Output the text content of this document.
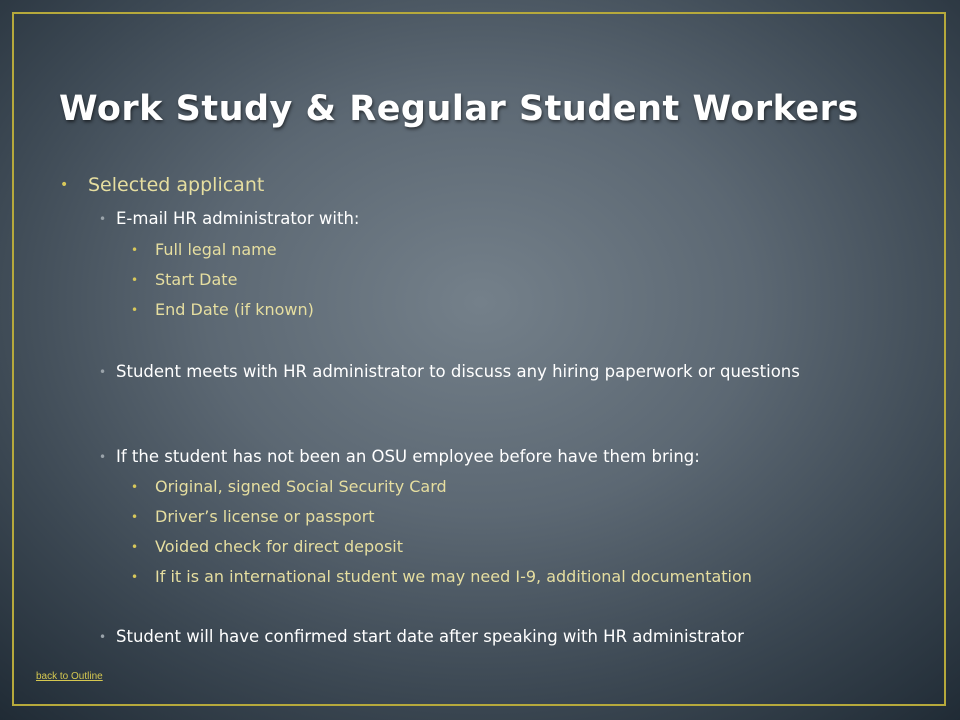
Work Study & Regular Student Workers
•	Selected applicant
• E-mail HR administrator with:
•	Full legal name
•	Start Date
•	End Date (if known)
• Student meets with HR administrator to discuss any hiring paperwork or questions
• If the student has not been an OSU employee before have them bring:
•	Original, signed Social Security Card
•	Driver’s license or passport
•	Voided check for direct deposit
•	If it is an international student we may need I-9, additional documentation
• Student will have confirmed start date after speaking with HR administrator
back to Outline
